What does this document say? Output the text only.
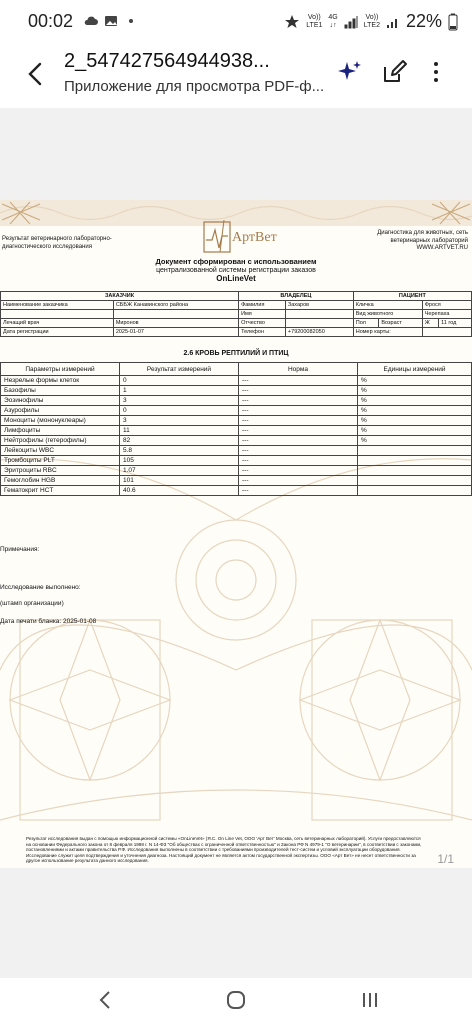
00:02	Vo))
LTE1
4G
↓↑
Vo))
LTE2 22%
2_547427564944938...
Приложение для просмотра PDF-ф...
Результат ветеринарного лабораторно-диагностического исследования
Диагностика для животных, сеть ветеринарных лабораторий WWW.ARTVET.RU
АртВет
Документ сформирован с использованием
централизованной системы регистрации заказов
OnLineVet
ЗАКАЗЧИК		ВЛАДЕЛЕЦ		ПАЦИЕНТ			
Наименование заказчика	СББЖ Канавинского района	Фамилия	Захаров	Кличка		Фрося	
		Имя		Вид животного		Черепаха	
Лечащий врач	Миронов	Отчество		Пол	Возраст	Ж	11 год
Дата регистрации	2025-01-07	Телефон	+79200082050	Номер карты:			
2.6 КРОВЬ РЕПТИЛИЙ И ПТИЦ
Параметры измерений	Результат измерений	Норма	Единицы измерений
Незрелые формы клеток	0	---	%
Базофилы	1	---	%
Эозинофилы	3	---	%
Азурофилы	0	---	%
Моноциты (мононуклеары)	3	---	%
Лимфоциты	11	---	%
Нейтрофилы (гетерофилы)	82	---	%
Лейкоциты WBC	5.8	---	
Тромбоциты PLT	105	---	
Эритроциты RBC	1.07	---	
Гемоглобин HGB	101	---	
Гематокрит HCT	40.6	---	
Примечания:
Исследование выполнено:
(штамп организации)
Дата печати бланка: 2025-01-08
Результат исследования выдан с помощью информационной системы «OnLineVet» (Я.С. On Line Vet, ООО 'Арт Вет' Москва, сеть ветеринарных лабораторий). Услуги предоставляются на основании Федерального закона от 8 февраля 1998 г. N 14-ФЗ "Об обществах с ограниченной ответственностью" и Закона РФ N 4979-1 "О ветеринарии", в соответствии с законами, постановлениями и актами правительства Р.Ф. Исследования выполнены в соответствии с требованиями производителей тест-систем и условий эксплуатации оборудования. Исследование служит целя подтверждения и уточнения диагноза. Настоящий документ не является актом государственной экспертизы. ООО «Арт Вет» не несет ответственности за другое использование результата данного исследования.	1/1
